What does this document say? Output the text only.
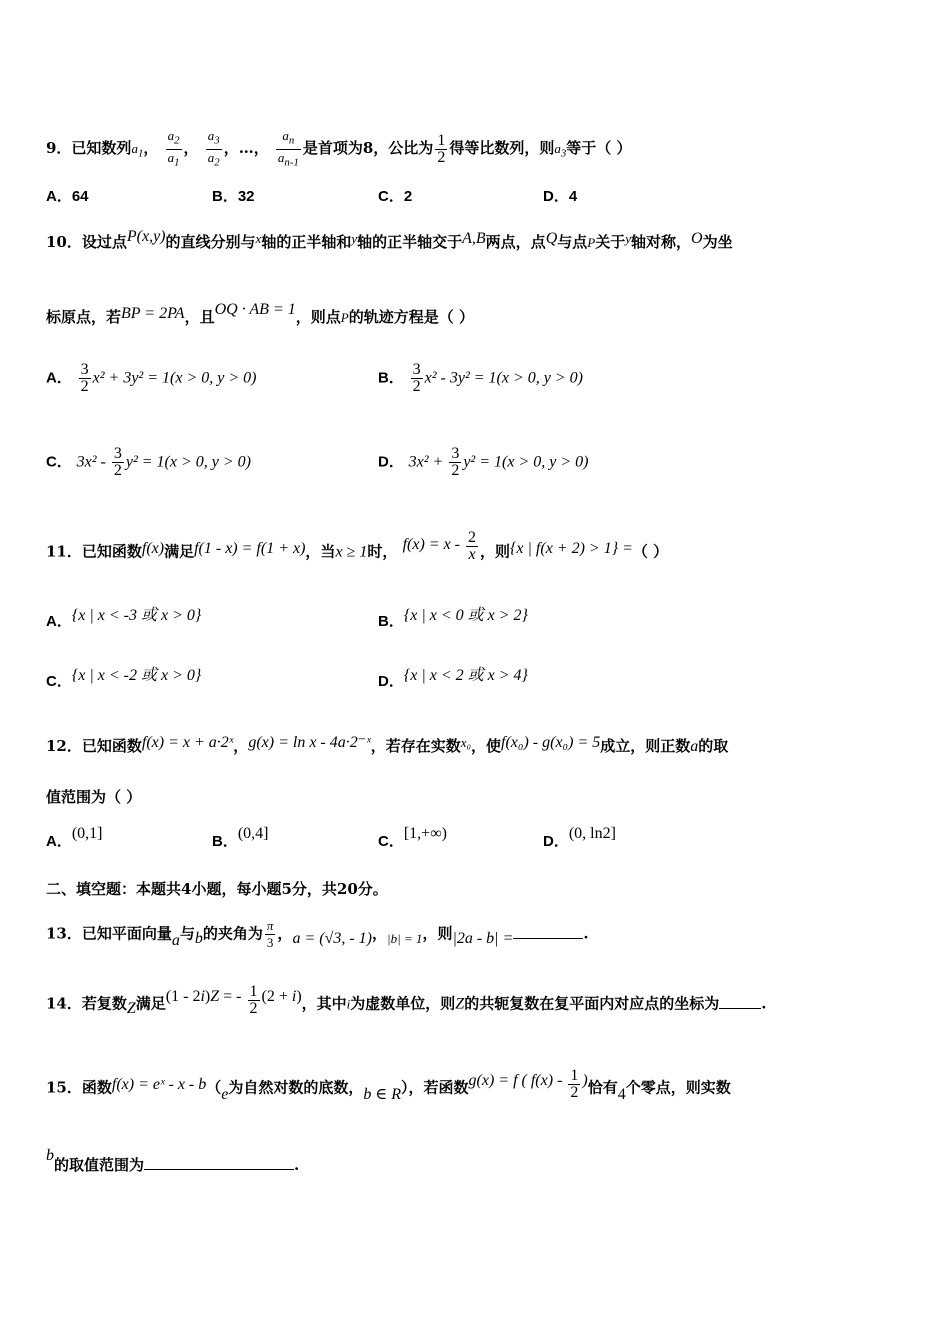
9．已知数列$a_1$， $\frac{a_2}{a_1}$ ， $\frac{a_3}{a_2}$ ，…， $\frac{a_n}{a_{n-1}}$ 是首项为8，公比为 $\frac{1}{2}$ 得等比数列，则$a_3$等于（ ）
A．64	B．32	C．2	D．4
10．设过点P(x,y)的直线分别与x轴的正半轴和y轴的正半轴交于A,B两点，点Q与点P关于y轴对称，O为坐
标原点，若BP = 2PA，且OQ · AB = 1，则点P的轨迹方程是（ ）
A． $\frac{3}{2} x^2 + 3y^2 = 1(x > 0$, y > 0)	B． $\frac{3}{2} x^2 - 3y^2 = 1(x > 0$, y > 0)
C． $3x^2 - \frac{3}{2} y^2 = 1(x > 0$, y > 0)	D． $3x^2 + \frac{3}{2} y^2 = 1(x > 0$, y > 0)
11．已知函数f(x)满足f(1 - x) = f(1 + x)，当x ≥ 1时， $f(x) = x - \frac{2}{x}$ ，则{x | f(x + 2) > 1} =（ ）
A．{x | x < -3 或 x > 0}	B．{x | x < 0 或 x > 2}
C．{x | x < -2 或 x > 0}	D．{x | x < 2 或 x > 4}
12．已知函数f(x) = x + a·2ˣ，g(x) = ln x - 4a·2⁻ˣ，若存在实数x₀，使f(x₀) - g(x₀) = 5成立，则正数a的取
值范围为（ ）
A．(0,1]	B．(0,4]	C．[1,+∞)	D．(0, ln2]
二、填空题：本题共4小题，每小题5分，共20分。
13．已知平面向量a与b的夹角为 $\frac{\pi}{3}$ ，a = (√3, - 1)，|b| = 1，则|2a - b| =	.
14．若复数Z满足(1 - 2i)Z = - $\frac{1}{2} (2 + i)$，其中i为虚数单位，则Z的共轭复数在复平面内对应点的坐标为	.
15．函数f(x) = eˣ - x - b（e为自然对数的底数，b ∈ R），若函数g(x) = f ( $f(x) - \frac{1}{2}$ )恰有4个零点，则实数
b的取值范围为	.
